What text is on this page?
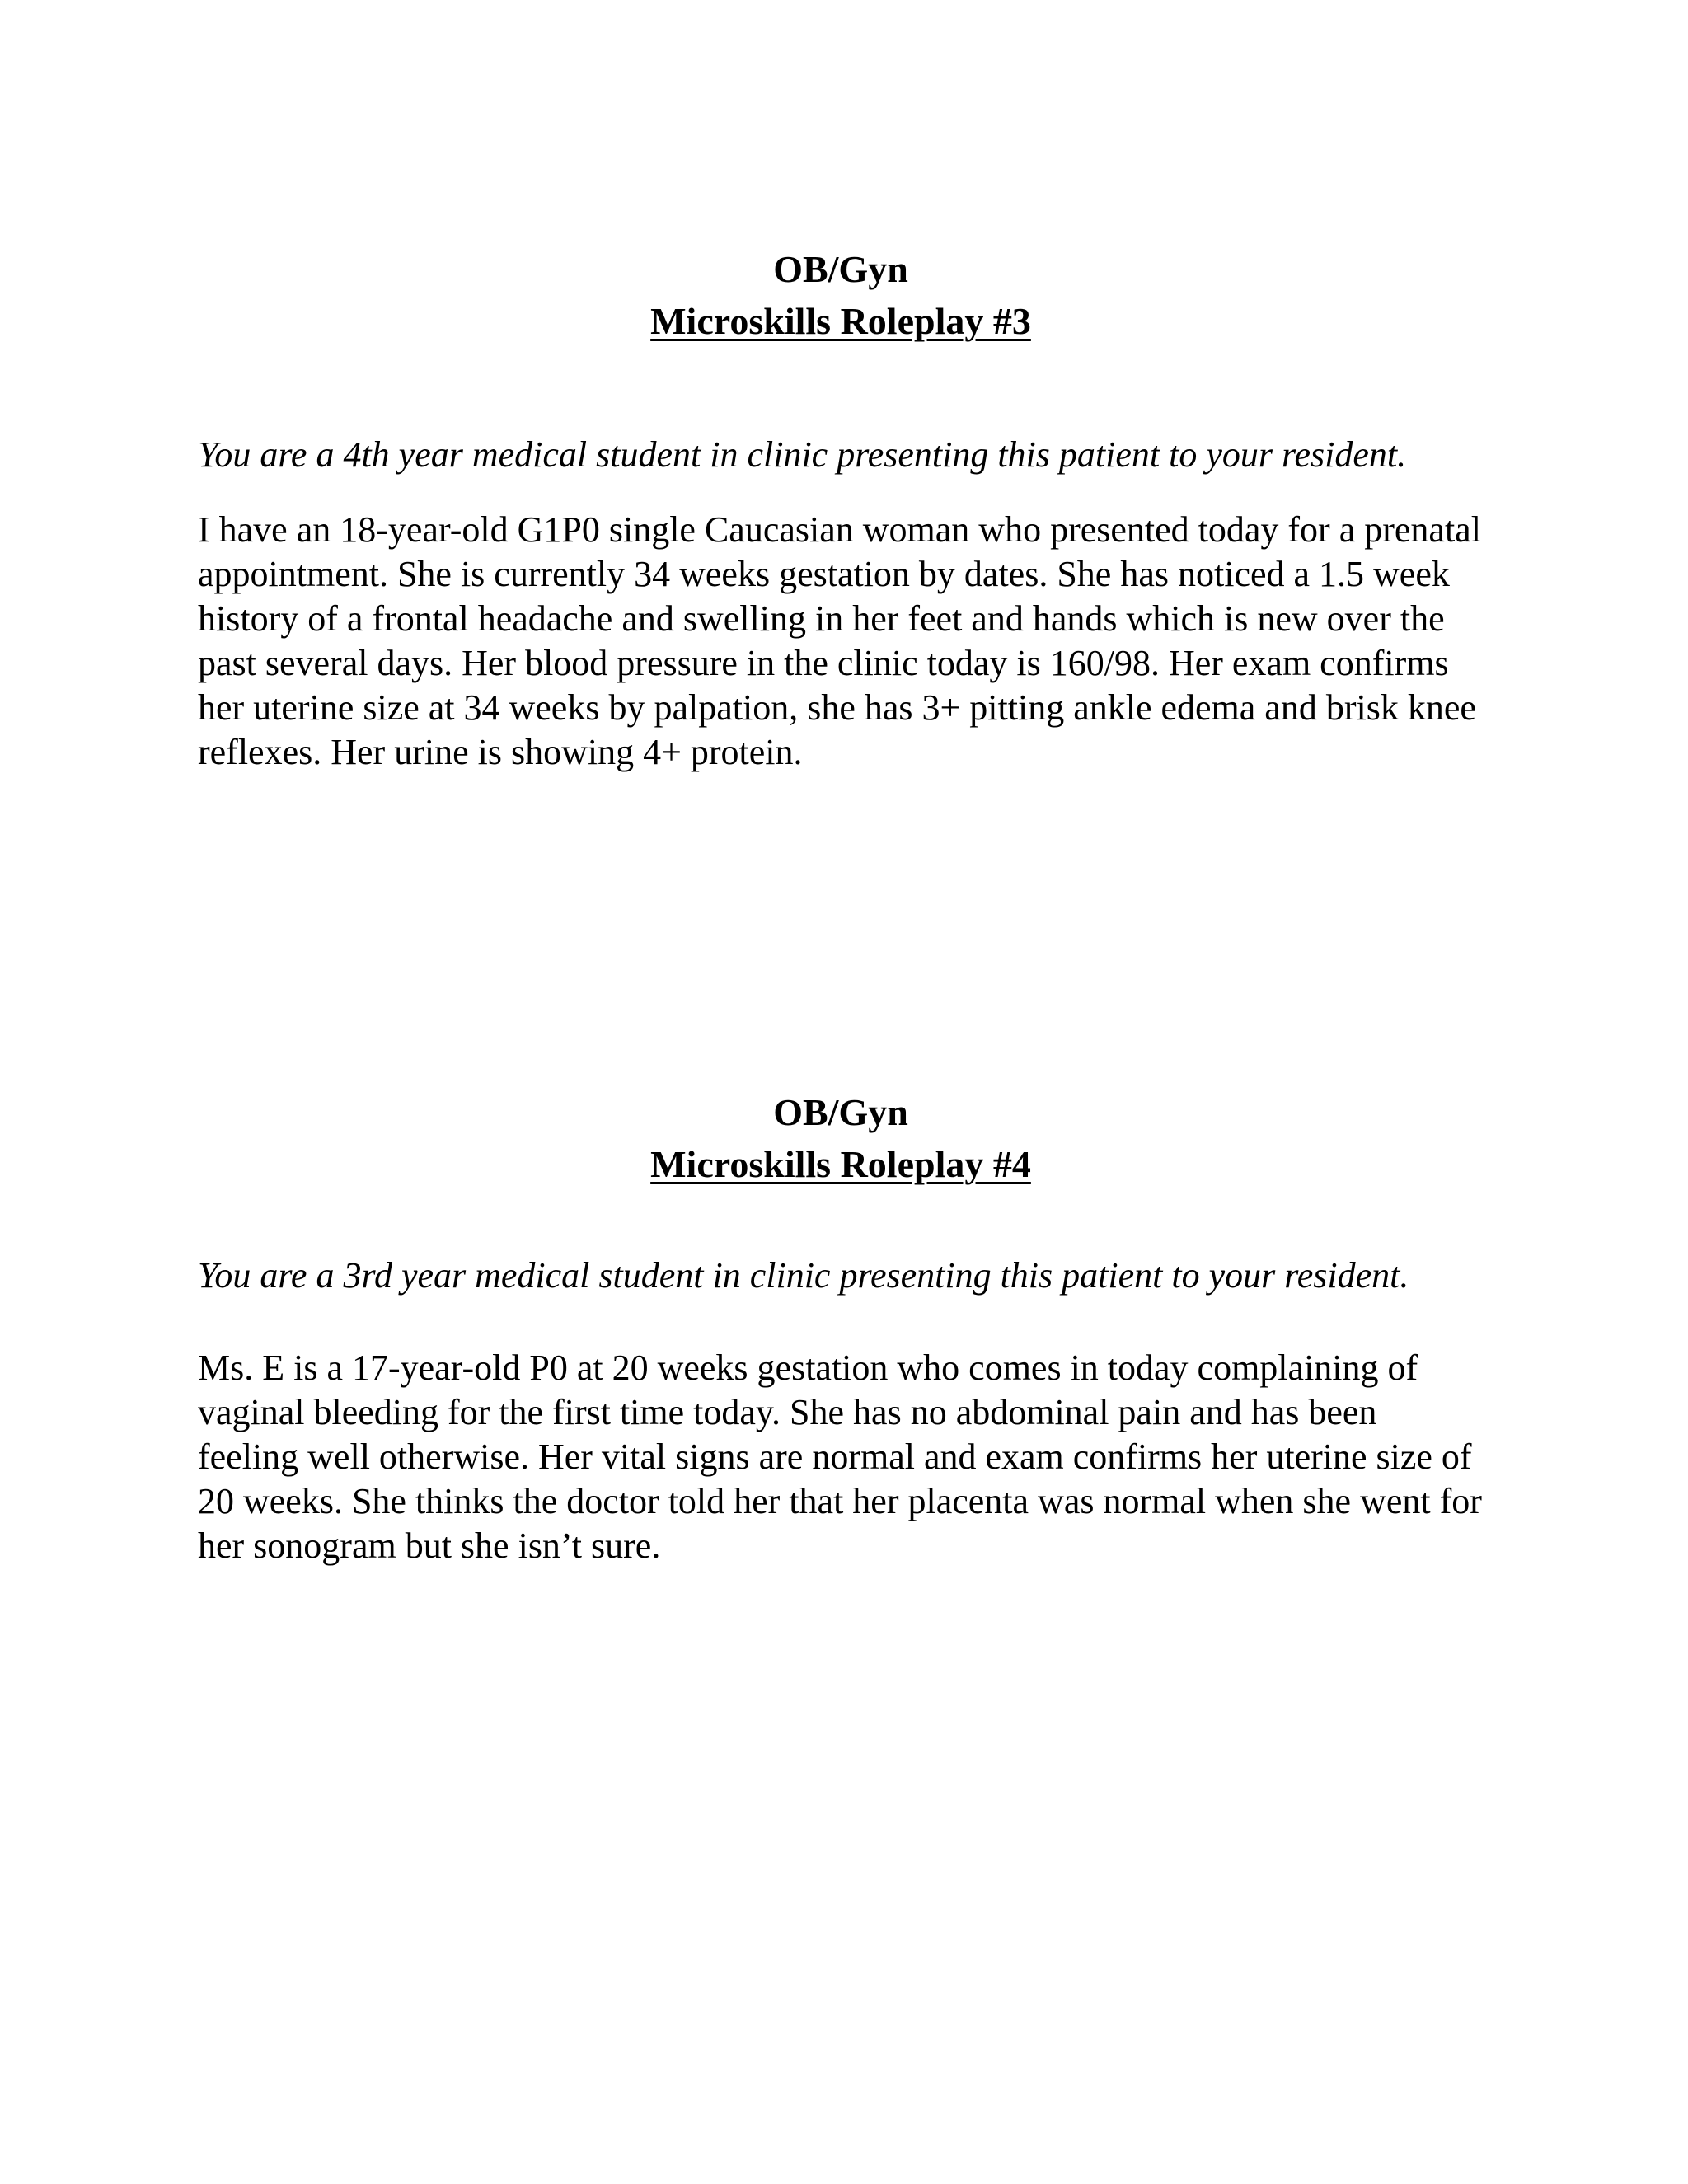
OB/Gyn
Microskills Roleplay #3

You are a 4th year medical student in clinic presenting this patient to your resident.

I have an 18-year-old G1P0 single Caucasian woman who presented today for a prenatal appointment. She is currently 34 weeks gestation by dates. She has noticed a 1.5 week history of a frontal headache and swelling in her feet and hands which is new over the past several days. Her blood pressure in the clinic today is 160/98. Her exam confirms her uterine size at 34 weeks by palpation, she has 3+ pitting ankle edema and brisk knee reflexes. Her urine is showing 4+ protein.

OB/Gyn
Microskills Roleplay #4

You are a 3rd year medical student in clinic presenting this patient to your resident.

Ms. E is a 17-year-old P0 at 20 weeks gestation who comes in today complaining of vaginal bleeding for the first time today. She has no abdominal pain and has been feeling well otherwise. Her vital signs are normal and exam confirms her uterine size of 20 weeks. She thinks the doctor told her that her placenta was normal when she went for her sonogram but she isn’t sure.
